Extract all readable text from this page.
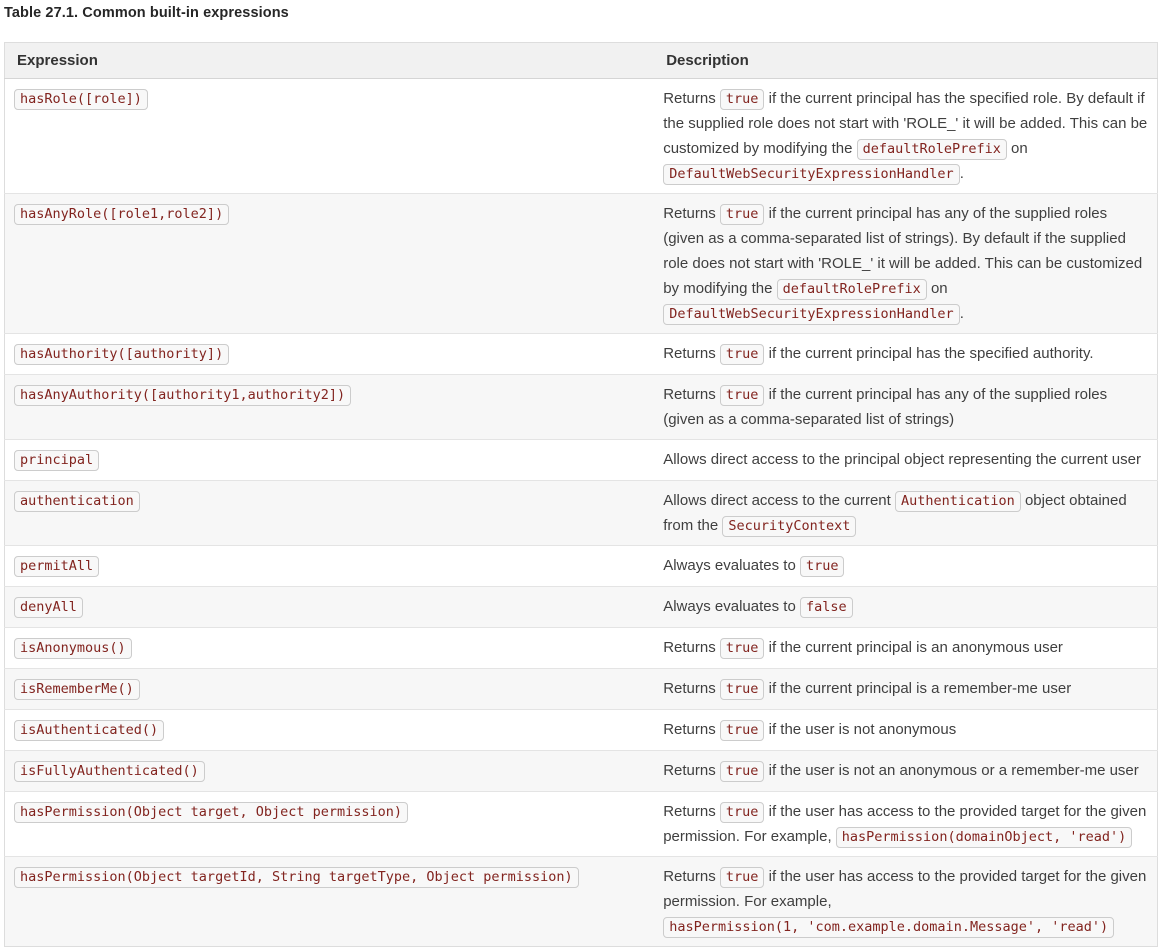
Table 27.1. Common built-in expressions
Expression	Description
hasRole([role])	Returns true if the current principal has the specified role. By default if the supplied role does not start with 'ROLE_' it will be added. This can be customized by modifying the defaultRolePrefix on DefaultWebSecurityExpressionHandler .
hasAnyRole([role1,role2])	Returns true if the current principal has any of the supplied roles (given as a comma-separated list of strings). By default if the supplied role does not start with 'ROLE_' it will be added. This can be customized by modifying the defaultRolePrefix on DefaultWebSecurityExpressionHandler .
hasAuthority([authority])	Returns true if the current principal has the specified authority.
hasAnyAuthority([authority1,authority2])	Returns true if the current principal has any of the supplied roles (given as a comma-separated list of strings)
principal	Allows direct access to the principal object representing the current user
authentication	Allows direct access to the current Authentication object obtained from the SecurityContext
permitAll	Always evaluates to true
denyAll	Always evaluates to false
isAnonymous()	Returns true if the current principal is an anonymous user
isRememberMe()	Returns true if the current principal is a remember-me user
isAuthenticated()	Returns true if the user is not anonymous
isFullyAuthenticated()	Returns true if the user is not an anonymous or a remember-me user
hasPermission(Object target, Object permission)	Returns true if the user has access to the provided target for the given permission. For example, hasPermission(domainObject, 'read')
hasPermission(Object targetId, String targetType, Object permission)	Returns true if the user has access to the provided target for the given permission. For example, hasPermission(1, 'com.example.domain.Message', 'read')
